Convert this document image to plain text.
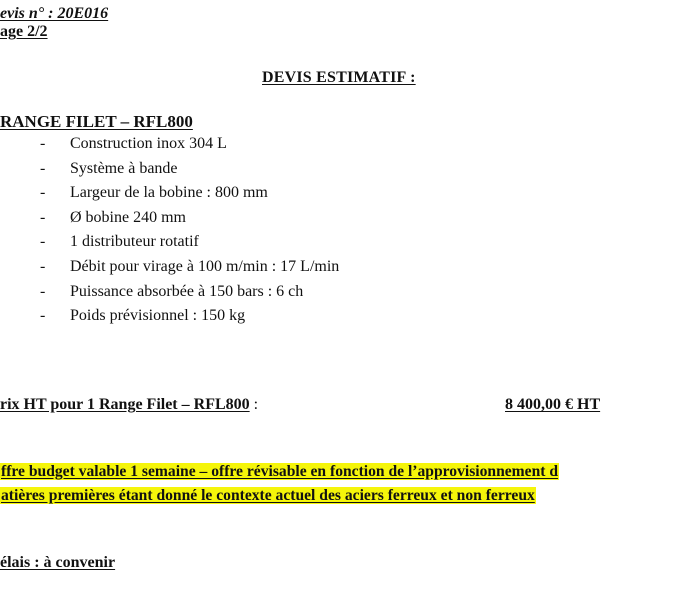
evis n° : 20E016
age 2/2
DEVIS ESTIMATIF :
RANGE FILET – RFL800
-	Construction inox 304 L
-	Système à bande
-	Largeur de la bobine : 800 mm
-	Ø bobine 240 mm
-	1 distributeur rotatif
-	Débit pour virage à 100 m/min : 17 L/min
-	Puissance absorbée à 150 bars : 6 ch
-	Poids prévisionnel : 150 kg
rix HT pour 1 Range Filet – RFL800 :	8 400,00 € HT
ffre budget valable 1 semaine – offre révisable en fonction de l’approvisionnement d
atières premières étant donné le contexte actuel des aciers ferreux et non ferreux
élais : à convenir
